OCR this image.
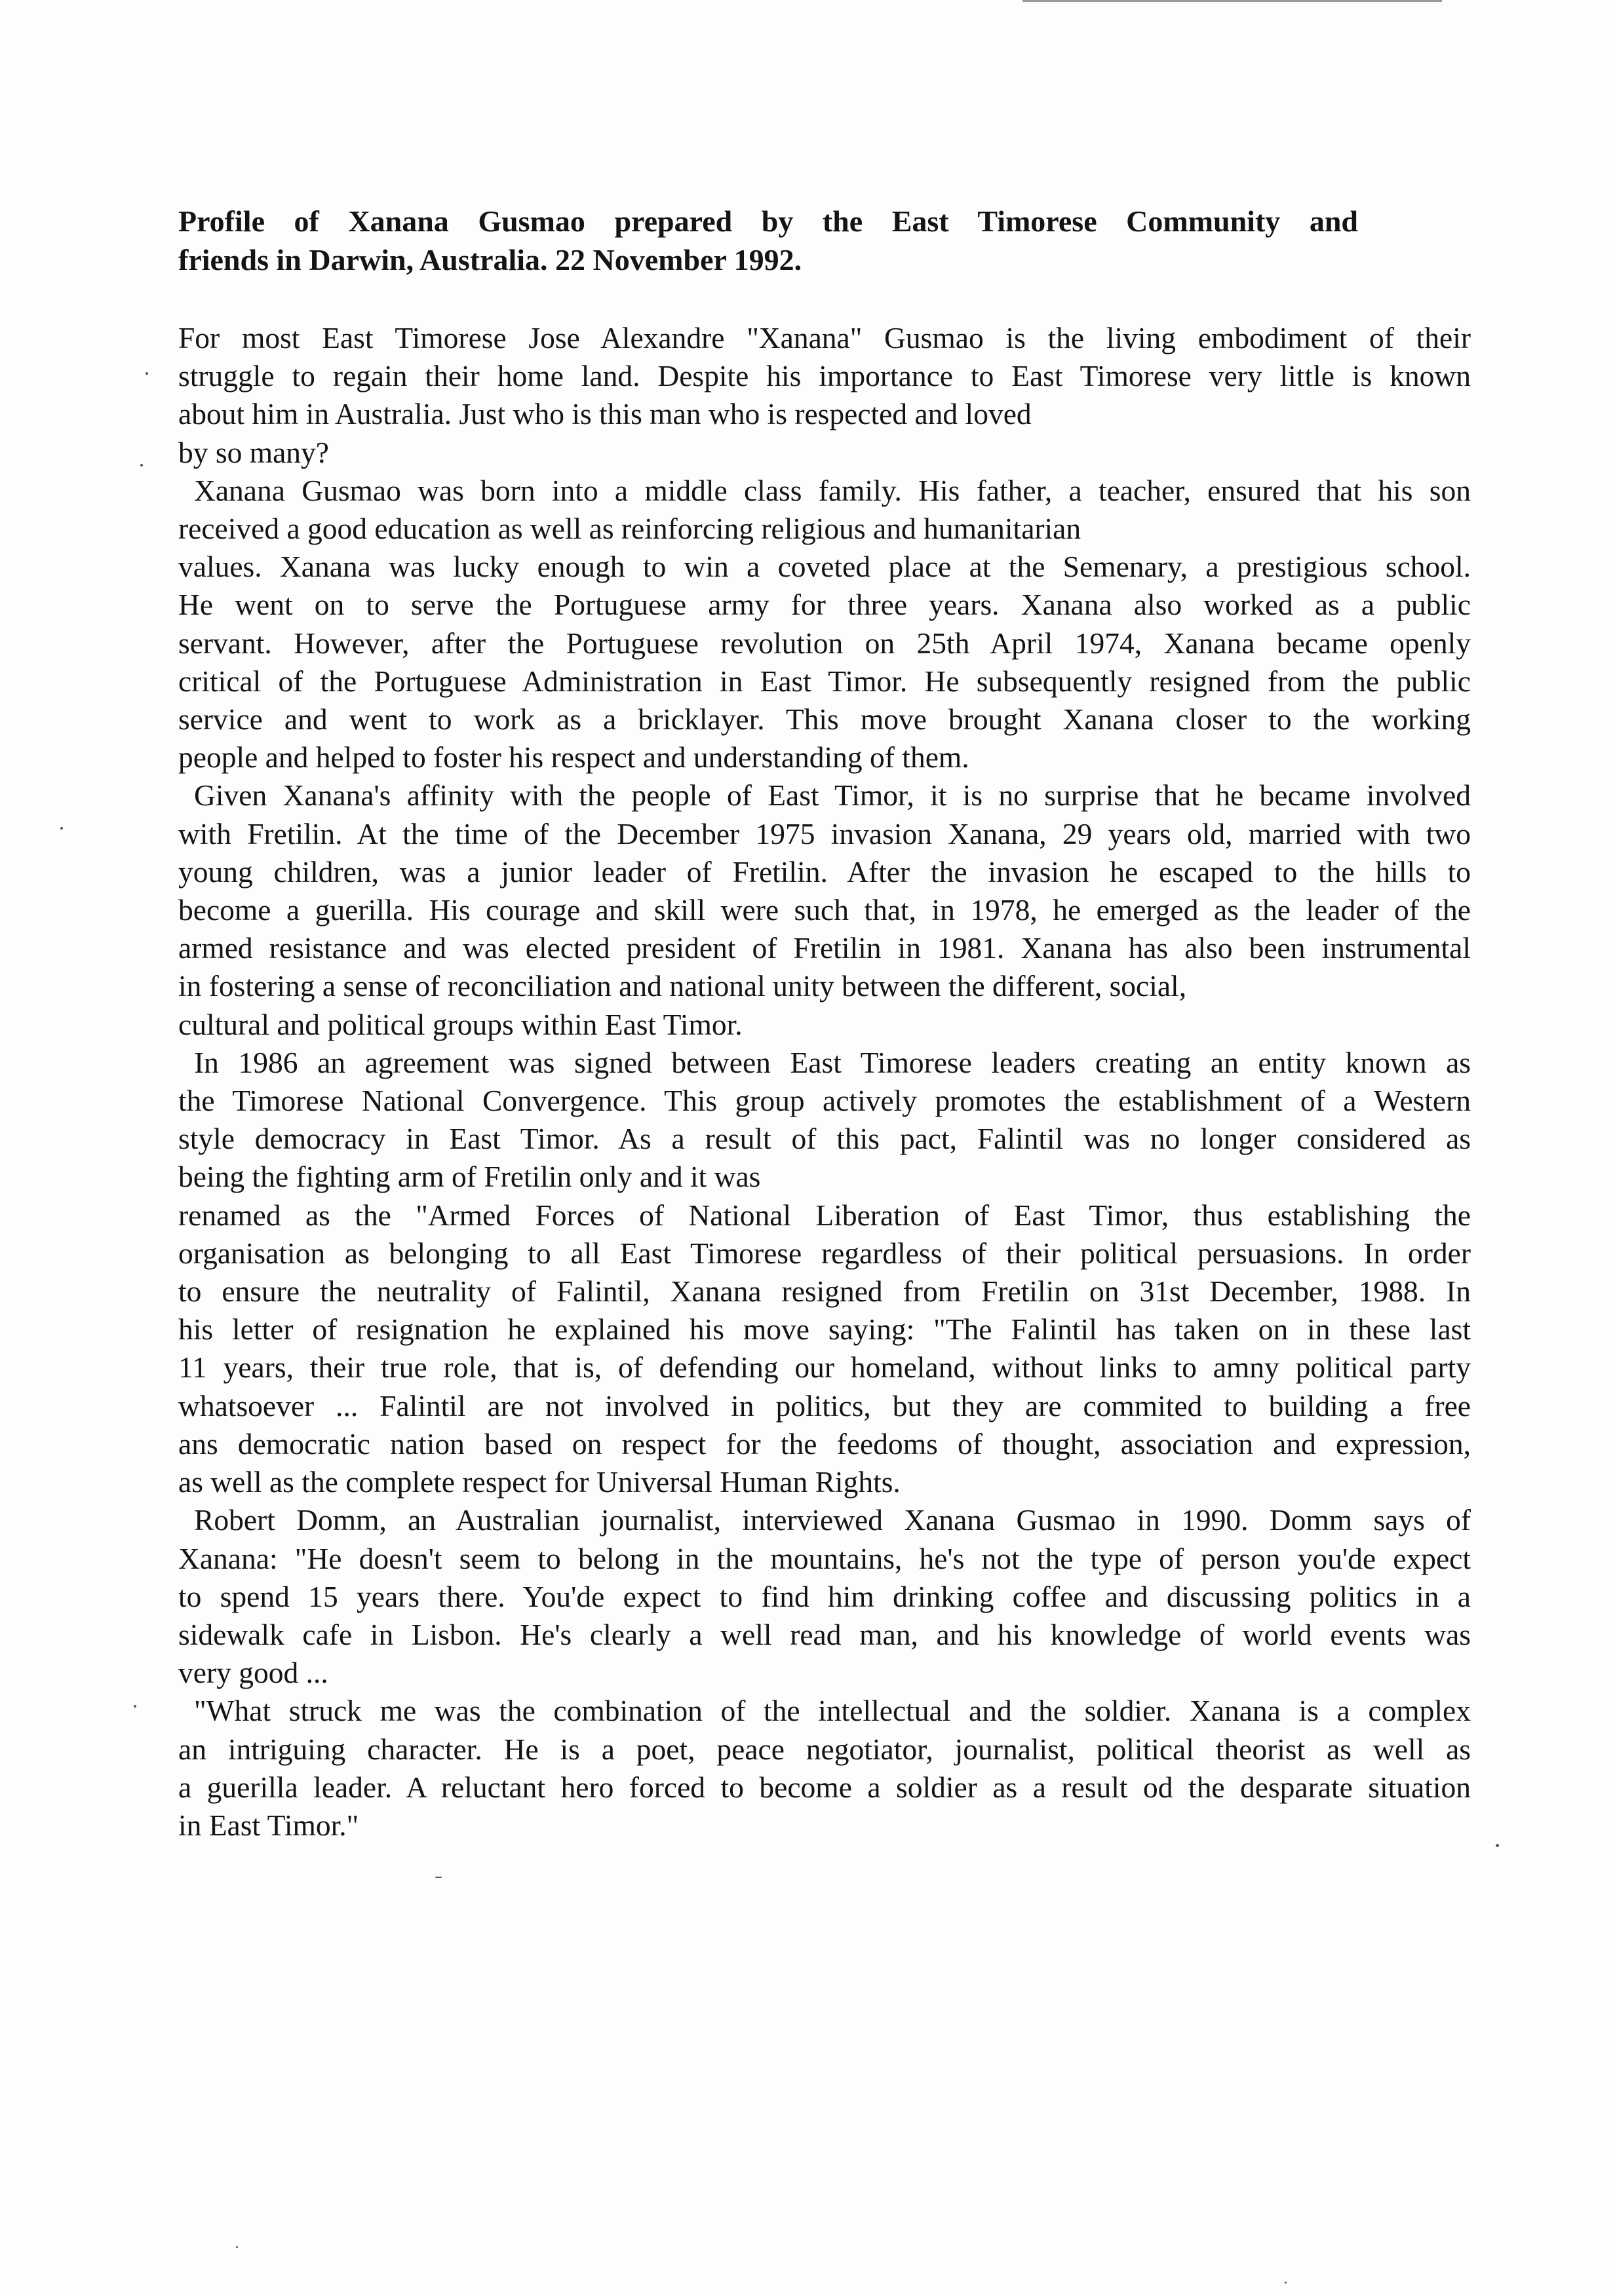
Profile of Xanana Gusmao prepared by the East Timorese Community and
friends in Darwin, Australia. 22 November 1992.
For most East Timorese Jose Alexandre "Xanana" Gusmao is the living embodiment of their
struggle to regain their home land. Despite his importance to East Timorese very little is known
about him in Australia. Just who is this man who is respected and loved
by so many?
Xanana Gusmao was born into a middle class family. His father, a teacher, ensured that his son
received a good education as well as reinforcing religious and humanitarian
values. Xanana was lucky enough to win a coveted place at the Semenary, a prestigious school.
He went on to serve the Portuguese army for three years. Xanana also worked as a public
servant. However, after the Portuguese revolution on 25th April 1974, Xanana became openly
critical of the Portuguese Administration in East Timor. He subsequently resigned from the public
service and went to work as a bricklayer. This move brought Xanana closer to the working
people and helped to foster his respect and understanding of them.
Given Xanana's affinity with the people of East Timor, it is no surprise that he became involved
with Fretilin. At the time of the December 1975 invasion Xanana, 29 years old, married with two
young children, was a junior leader of Fretilin. After the invasion he escaped to the hills to
become a guerilla. His courage and skill were such that, in 1978, he emerged as the leader of the
armed resistance and was elected president of Fretilin in 1981. Xanana has also been instrumental
in fostering a sense of reconciliation and national unity between the different, social,
cultural and political groups within East Timor.
In 1986 an agreement was signed between East Timorese leaders creating an entity known as
the Timorese National Convergence. This group actively promotes the establishment of a Western
style democracy in East Timor. As a result of this pact, Falintil was no longer considered as
being the fighting arm of Fretilin only and it was
renamed as the "Armed Forces of National Liberation of East Timor, thus establishing the
organisation as belonging to all East Timorese regardless of their political persuasions. In order
to ensure the neutrality of Falintil, Xanana resigned from Fretilin on 31st December, 1988. In
his letter of resignation he explained his move saying: "The Falintil has taken on in these last
11 years, their true role, that is, of defending our homeland, without links to amny political party
whatsoever ... Falintil are not involved in politics, but they are commited to building a free
ans democratic nation based on respect for the feedoms of thought, association and expression,
as well as the complete respect for Universal Human Rights.
Robert Domm, an Australian journalist, interviewed Xanana Gusmao in 1990. Domm says of
Xanana: "He doesn't seem to belong in the mountains, he's not the type of person you'de expect
to spend 15 years there. You'de expect to find him drinking coffee and discussing politics in a
sidewalk cafe in Lisbon. He's clearly a well read man, and his knowledge of world events was
very good ...
"What struck me was the combination of the intellectual and the soldier. Xanana is a complex
an intriguing character. He is a poet, peace negotiator, journalist, political theorist as well as
a guerilla leader. A reluctant hero forced to become a soldier as a result od the desparate situation
in East Timor."
